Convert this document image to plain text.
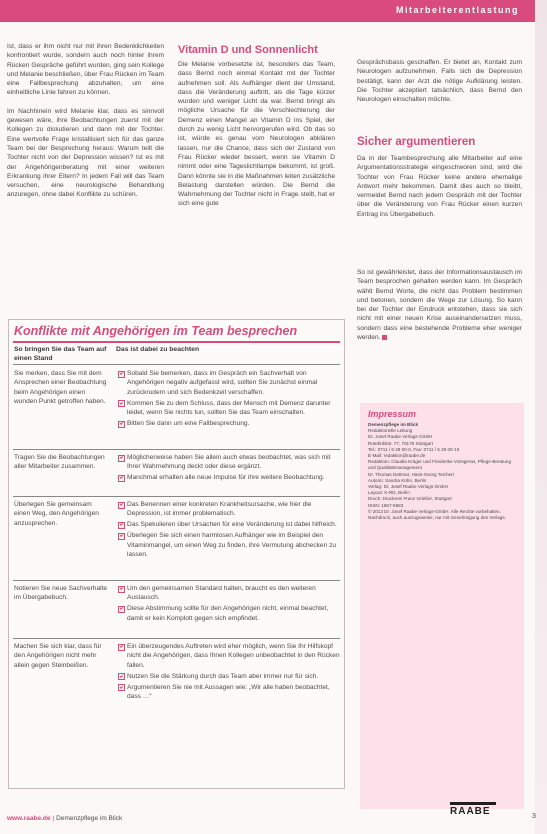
Mitarbeiterentlastung

Ist, dass er ihm nicht nur mit ihren Bedenklichkeiten konfrontiert wurde, sondern auch noch hinter ihrem Rücken Gespräche geführt wurden, ging sein Kollege und Melanie beschließen, über Frau Rücken im Team eine Fallbesprechung abzuhalten, um eine einheitliche Linie fahren zu können.

Im Nachhinein wird Melanie klar, dass es sinnvoll gewesen wäre, ihre Beobachtungen zuerst mit der Kollegen zu diskutieren und dann mit der Tochter. Eine wertvolle Frage kristallisiert sich für das ganze Team bei der Besprechung heraus: Warum teilt die Tochter nicht von der Depression wissen? Ist es mit der Angehörigenberatung mit einer weiteren Erkrankung ihrer Eltern? In jedem Fall will das Team versuchen, eine neurologische Behandlung anzuregen, ohne dabei Konflikte zu schüren.

Vitamin D und Sonnenlicht
Die Melanie vorbesetzte ist, besonders das Team, dass Bernd noch einmal Kontakt mit der Tochter aufnehmen soll. Als Aufhänger dient der Umstand, dass die Veränderung auftritt, als die Tage kürzer wurden und weniger Licht da war. Bernd bringt als mögliche Ursache für die Verschlechterung der Demenz einen Mangel an Vitamin D ins Spiel, der durch zu wenig Licht hervorgerufen wird. Ob das so ist, würde es genau vom Neurologen abklären lassen, nur die Chance, dass sich der Zustand von Frau Rücker wieder bessert, wenn sie Vitamin D nimmt oder eine Tageslichtlampe bekommt, ist groß. Dann könnte sie in die Maßnahmen leiten zusätzliche Belastung darstellen würden. Die Bernd die Wahrnehmung der Tochter nicht in Frage stellt, hat er sich eine gute

Gesprächsbasis geschaffen. Er bietet an, Kontakt zum Neurologen aufzunehmen. Falls sich die Depression bestätigt, kann der Arzt die nötige Aufklärung leisten. Die Tochter akzeptiert tatsächlich, dass Bernd den Neurologen einschalten möchte.

Sicher argumentieren

Da in der Teambesprechung alle Mitarbeiter auf eine Argumentationsstrategie eingeschworen sind, wird die Tochter von Frau Rücker keine andere ehemalige Antwort mehr bekommen. Damit dies auch so bleibt, vermeidet Bernd nach jedem Gespräch mit der Tochter über die Veränderung von Frau Rücker einen kurzen Eintrag ins Übergabebuch.

So ist gewährleistet, dass der Informationsaustausch im Team besprochen gehalten werden kann. Im Gespräch wählt Bernd Worte, die nicht das Problem bestimmen und betonen, sondern die Wege zur Lösung. So kann bei der Tochter der Eindruck entstehen, dass sie sich nicht mit einer neuen Krise auseinandersetzen muss, sondern dass eine bestehende Probleme eher weniger werden.

Konflikte mit Angehörigen im Team besprechen
So bringen Sie das Team auf einen Stand
Das ist dabei zu beachten
Sie merken, dass Sie mit dem Ansprechen einer Beobachtung beim Angehörigen einen wunden Punkt getroffen haben.
Sobald Sie bemerken, dass im Gespräch ein Sachverhalt von Angehörigen negativ aufgefasst wird, sollten Sie zunächst einmal zurückrudern und sich Bedenkzeit verschaffen.
Kommen Sie zu dem Schluss, dass der Mensch mit Demenz darunter leidet, wenn Sie nichts tun, sollten Sie das Team einschalten.
Bitten Sie dann um eine Fallbesprechung.
Tragen Sie die Beobachtungen aller Mitarbeiter zusammen.
Möglicherweise haben Sie allein auch etwas beobachtet, was sich mit Ihrer Wahrnehmung deckt oder diese ergänzt.
Manchmal erhalten alle neue Impulse für ihre weitere Beobachtung.
Überlegen Sie gemeinsam einen Weg, den Angehörigen anzusprechen.
Das Benennen einer konkreten Krankheitsursache, wie hier die Depression, ist immer problematisch.
Das Spekulieren über Ursachen für eine Veränderung ist dabei hilfreich.
Überlegen Sie sich einen harmlosen Aufhänger wie im Beispiel den Vitaminmangel, um einen Weg zu finden, ihre Vermutung abchecken zu lassen.
Notieren Sie neue Sachverhalte im Übergabebuch.
Um den gemeinsamen Standard halten, braucht es den weiteren Austausch.
Diese Abstimmung sollte für den Angehörigen nicht, einmal beachtet, damit er kein Komplott gegen sich empfindet.
Machen Sie sich klar, dass für den Angehörigen nicht mehr allein gegen Steinbeißen.
Ein überzeugendes Auftreten wird eher möglich, wenn Sie Ihr Hilfskopf nicht die Angehörigen, dass Ihnen Kollegen unbeobachtet in den Rücken fallen.
Nutzen Sie die Stärkung durch das Team aber immer nur für sich.
Argumentieren Sie nie mit Aussagen wie: „Wir alle haben beobachtet, dass …“
Impressum
Demenzpflege im Blick
Redaktionelle Leitung
Dr. Josef Raabe Verlags-GmbH
Rotebühlstr. 77, 70178 Stuttgart
Tel.: 0711 / 6 29 00-0, Fax: 0711 / 6 29 00-10
E-Mail: redaktion@raabe.de
Redaktion: Claudia Kräger und Friederike Vossgeras, Pflege-Beratung und Qualitätsmanagement
Dr. Thomas Dettmar, Hans-Georg Teichert
Autorin: Sandra Kühn, Berlin
Verlag: Dr. Josef Raabe Verlags-GmbH
Layout: K-RD, Berlin
Druck: Druckerei Franz Grießer, Stuttgart
ISSN: 1867-6583
© 2013 Dr. Josef Raabe Verlags-GmbH. Alle Rechte vorbehalten. Nachdruck, auch auszugsweise, nur mit Genehmigung des Verlags.
RAABE
www.raabe.de | Demenzpflege im Blick	3
